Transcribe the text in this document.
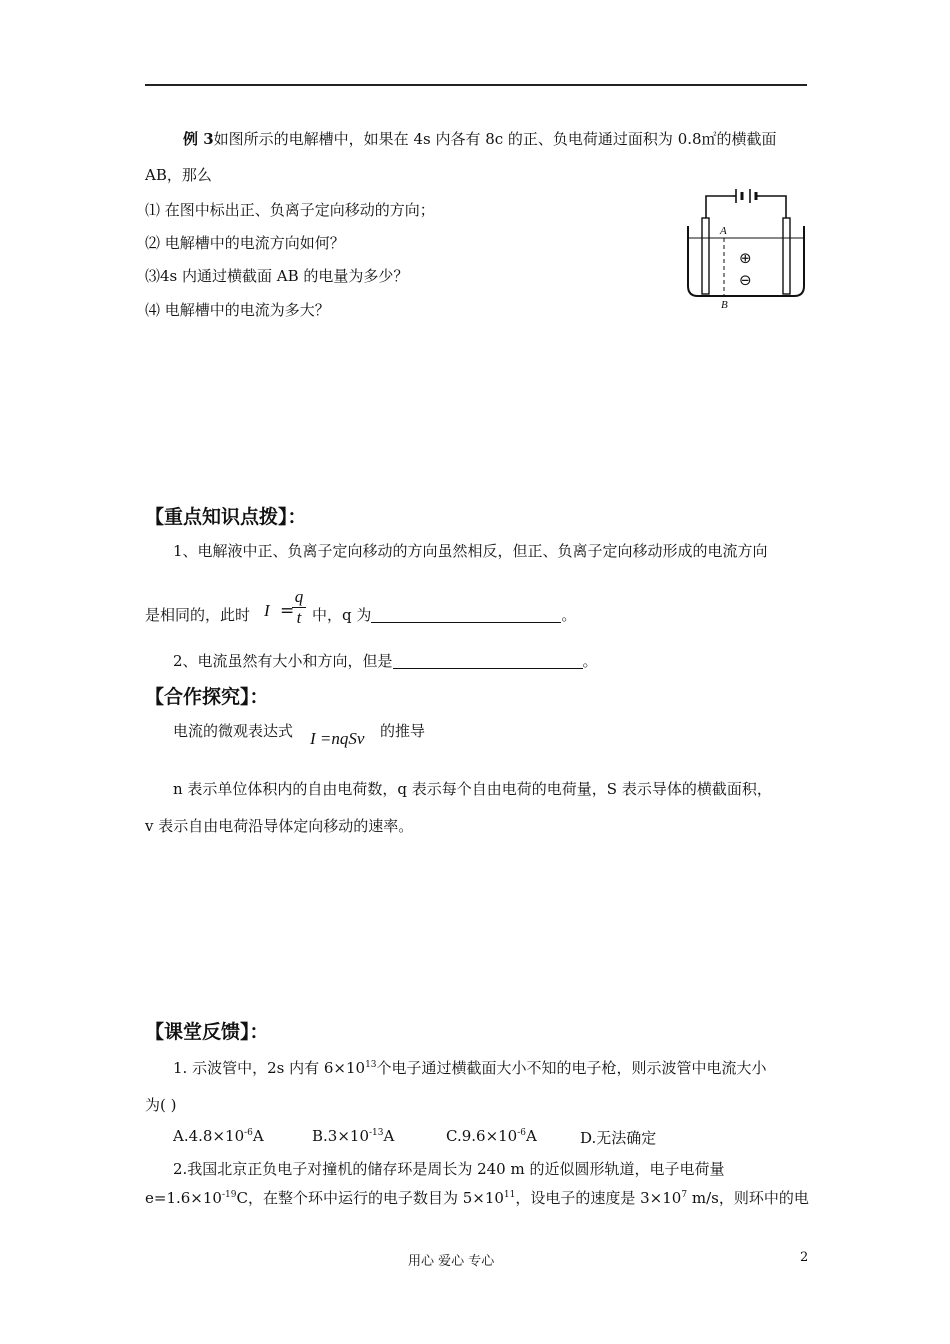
例 3如图所示的电解槽中，如果在 4s 内各有 8c 的正、负电荷通过面积为 0.8㎡的横截面
AB，那么
⑴ 在图中标出正、负离子定向移动的方向；
⑵ 电解槽中的电流方向如何？
⑶4s 内通过横截面 AB 的电量为多少？
⑷ 电解槽中的电流为多大？
A
B
⊕
⊖
【重点知识点拨】：
1、电解液中正、负离子定向移动的方向虽然相反，但正、负离子定向移动形成的电流方向
是相同的，此时 I =
q
t 中，q 为	。
2、电流虽然有大小和方向，但是	。
【合作探究】：
电流的微观表达式 I =nqSv 的推导
n 表示单位体积内的自由电荷数，q 表示每个自由电荷的电荷量，S 表示导体的横截面积，
v 表示自由电荷沿导体定向移动的速率。
【课堂反馈】：
1. 示波管中，2s 内有 $6\times 10^{13}$个电子通过横截面大小不知的电子枪，则示波管中电流大小
为( )
$A.4.8\times 10^{-6}A$	$B.3\times 10^{-13}A$	$C.9.6\times 10^{-6}A$	D.无法确定
2.我国北京正负电子对撞机的储存环是周长为 240 m 的近似圆形轨道，电子电荷量
$e=1.6\times 10^{-19}C$，在整个环中运行的电子数目为 $5\times 10^{11}$，设电子的速度是 $3\times 10^7$ m/s，则环中的电
用心 爱心 专心	2
